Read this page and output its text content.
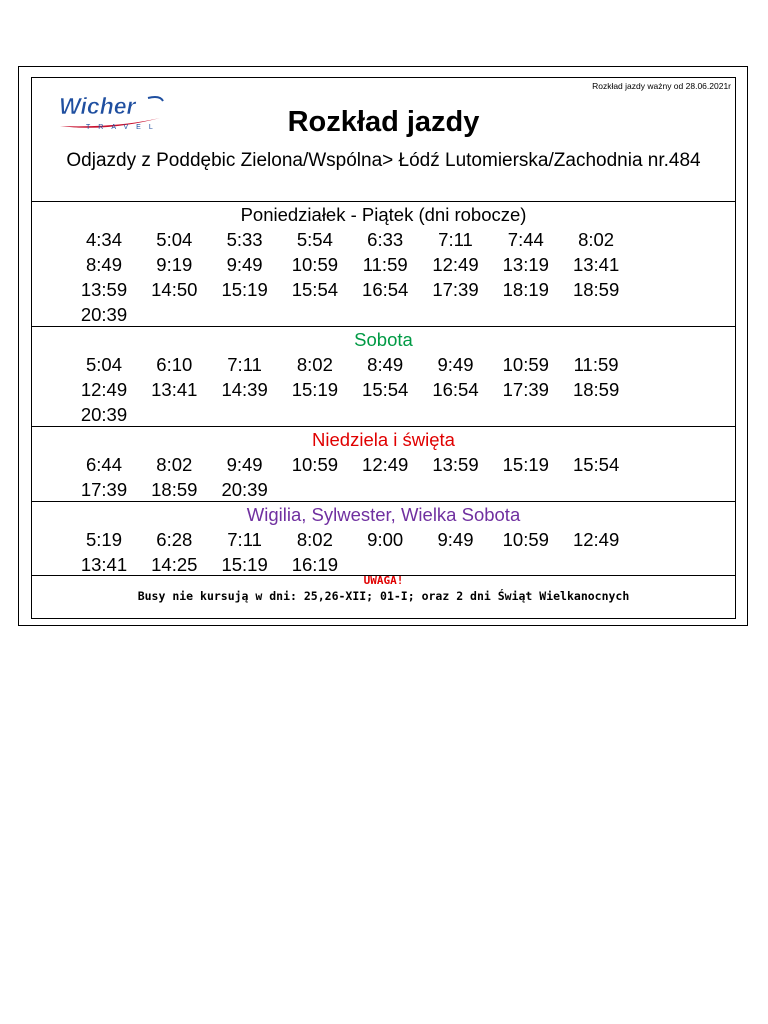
Rozkład jazdy ważny od 28.06.2021r
Wicher
TRAVEL	Rozkład jazdy
Odjazdy z Poddębic Zielona/Wspólna> Łódź Lutomierska/Zachodnia nr.484
Poniedziałek - Piątek (dni robocze)
4:34	5:04	5:33	5:54	6:33	7:11	7:44	8:02
8:49	9:19	9:49	10:59	11:59	12:49	13:19	13:41
13:59	14:50	15:19	15:54	16:54	17:39	18:19	18:59
20:39
Sobota
5:04	6:10	7:11	8:02	8:49	9:49	10:59	11:59
12:49	13:41	14:39	15:19	15:54	16:54	17:39	18:59
20:39
Niedziela i święta
6:44	8:02	9:49	10:59	12:49	13:59	15:19	15:54
17:39	18:59	20:39
Wigilia, Sylwester, Wielka Sobota
5:19	6:28	7:11	8:02	9:00	9:49	10:59	12:49
13:41	14:25	15:19	16:19
UWAGA!
Busy nie kursują w dni: 25,26-XII; 01-I; oraz 2 dni Świąt Wielkanocnych
